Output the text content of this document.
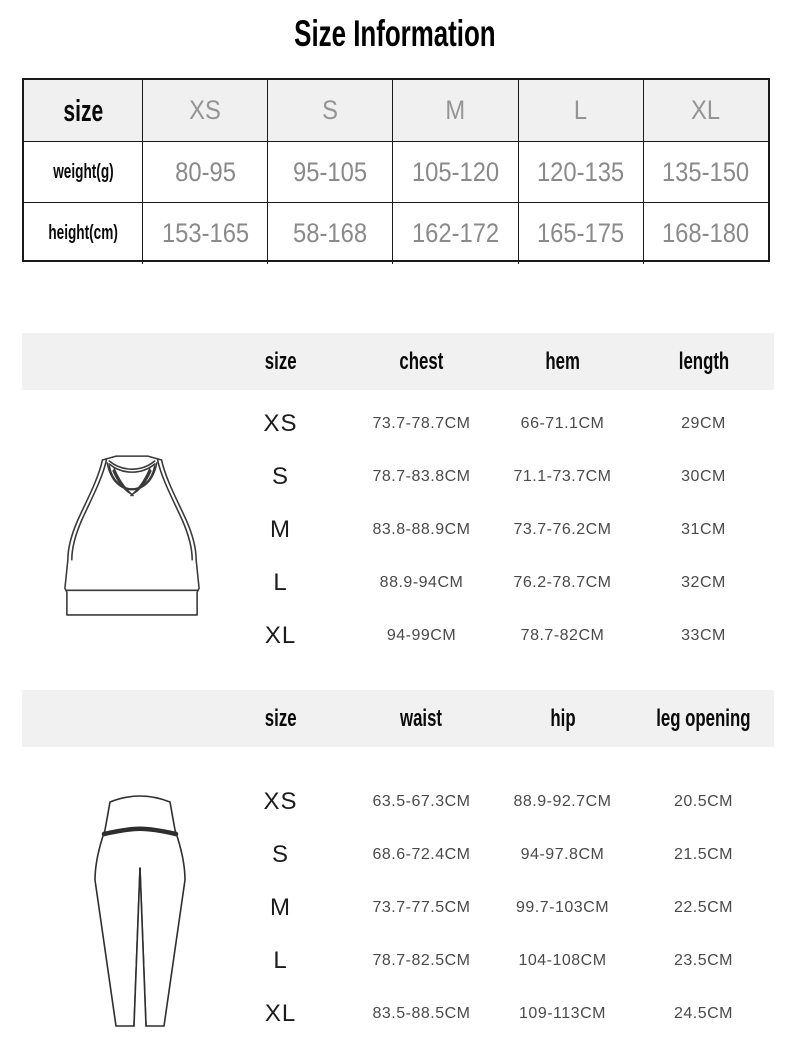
Size Information
size	XS	S	M	L	XL
weight(g) 80-95 95-105 105-120 120-135 135-150
height(cm) 153-165 58-168 162-172 165-175 168-180
size	chest	hem	length
XS	73.7-78.7CM	66-71.1CM	29CM
S	78.7-83.8CM	71.1-73.7CM	30CM
M	83.8-88.9CM	73.7-76.2CM	31CM
L	88.9-94CM	76.2-78.7CM	32CM
XL	94-99CM	78.7-82CM	33CM
size	waist	hip	leg opening
XS	63.5-67.3CM	88.9-92.7CM	20.5CM
S	68.6-72.4CM	94-97.8CM	21.5CM
M	73.7-77.5CM	99.7-103CM	22.5CM
L	78.7-82.5CM	104-108CM	23.5CM
XL	83.5-88.5CM	109-113CM	24.5CM
